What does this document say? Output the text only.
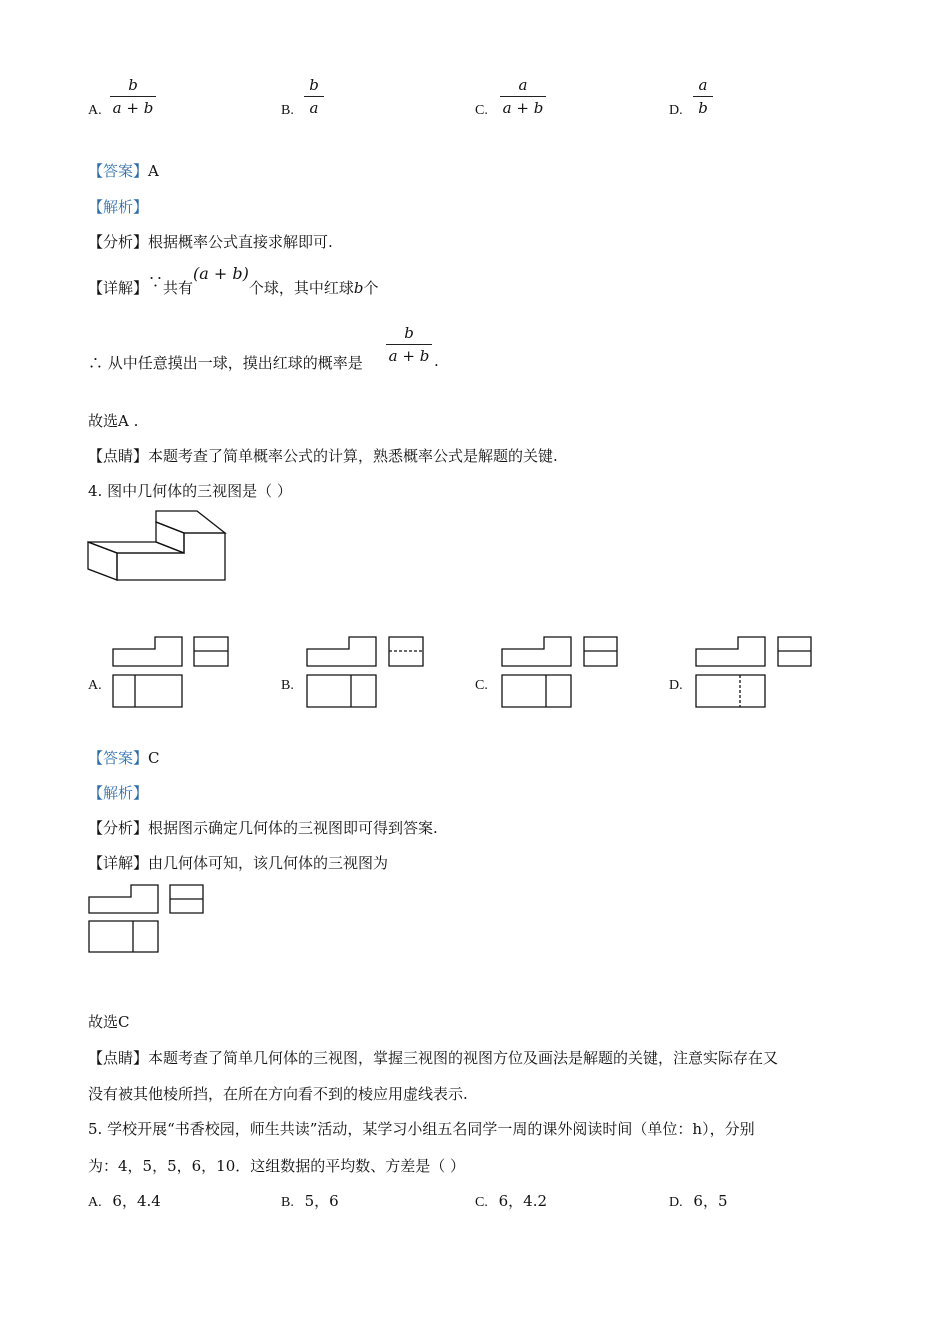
A.
b
a + b	B.
b
a	C.
a
a + b	D.
a
b
【答案】A
【解析】
【分析】根据概率公式直接求解即可.
【详解】∵共有(a + b)个球，其中红球b个
∴ 从中任意摸出一球，摸出红球的概率是
b
a + b .
故选A .
【点睛】本题考查了简单概率公式的计算，熟悉概率公式是解题的关键.
4. 图中几何体的三视图是（ ）
A.	B.	C.	D.
【答案】C
【解析】
【分析】根据图示确定几何体的三视图即可得到答案.
【详解】由几何体可知，该几何体的三视图为
故选C
【点睛】本题考查了简单几何体的三视图，掌握三视图的视图方位及画法是解题的关键，注意实际存在又
没有被其他棱所挡，在所在方向看不到的棱应用虚线表示.
5. 学校开展“书香校园，师生共读”活动，某学习小组五名同学一周的课外阅读时间（单位：h），分别
为：4，5，5，6，10．这组数据的平均数、方差是（ ）
A. 6，4.4	B. 5，6	C. 6，4.2	D. 6，5
